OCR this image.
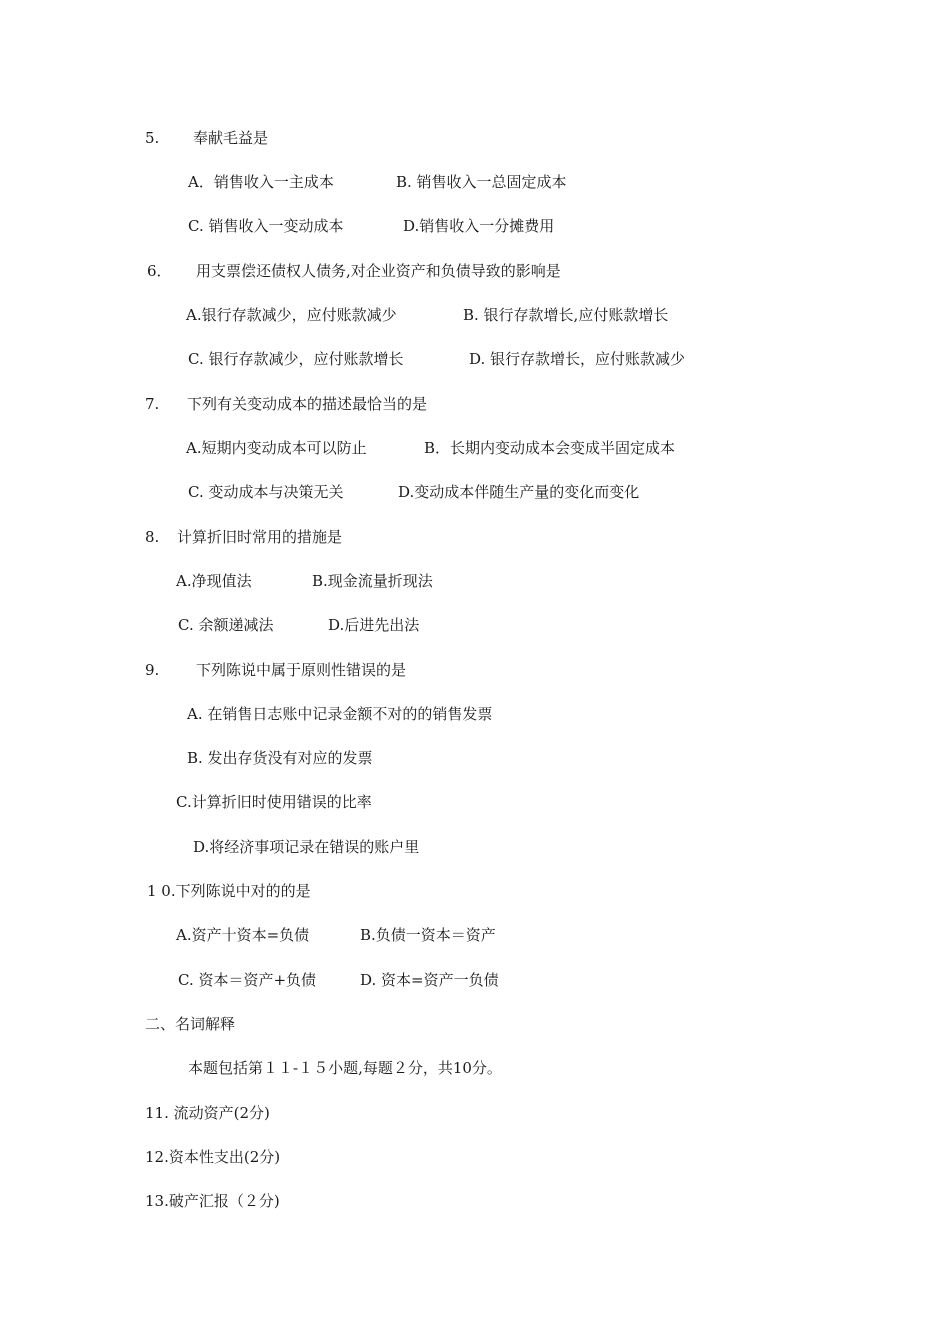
5. 奉献毛益是
A．销售收入一主成本	B. 销售收入一总固定成本
C. 销售收入一变动成本	D.销售收入一分摊费用
6． 用支票偿还债权人债务,对企业资产和负债导致的影响是
A.银行存款减少，应付账款减少	B. 银行存款增长,应付账款增长
C. 银行存款减少，应付账款增长	D. 银行存款增长，应付账款减少
7. 下列有关变动成本的描述最恰当的是
A.短期内变动成本可以防止	B．长期内变动成本会变成半固定成本
C. 变动成本与决策无关	D.变动成本伴随生产量的变化而变化
8. 计算折旧时常用的措施是
A.净现值法	B.现金流量折现法
C. 余额递减法	D.后进先出法
9. 下列陈说中属于原则性错误的是
A. 在销售日志账中记录金额不对的的销售发票
B. 发出存货没有对应的发票
C.计算折旧时使用错误的比率
D.将经济事项记录在错误的账户里
1 0.下列陈说中对的的是
A.资产十资本=负债	B.负债一资本＝资产
C. 资本＝资产+负债	D. 资本=资产一负债
二、名词解释
本题包括第１１-１５小题,每题２分，共10分。
11. 流动资产(2分)
12.资本性支出(2分)
13.破产汇报（２分)
